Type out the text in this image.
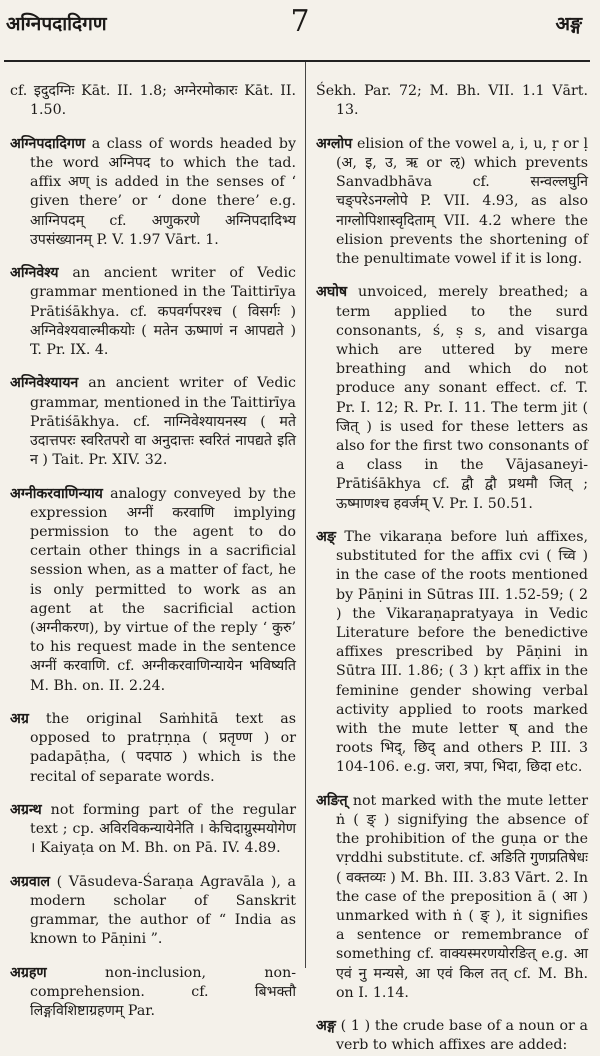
अग्निपदादिगण	7	अङ्ग

cf. इदुदग्निः Kāt. II. 1.8; अग्नेरमोकारः Kāt. II. 1.50.

अग्निपदादिगण a class of words headed by the word अग्निपद to which the tad. affix अण् is added in the senses of ‘ given there’ or ‘ done there’ e.g. आग्निपदम् cf. अणुकरणे अग्निपदादिभ्य उपसंख्यानम् P. V. 1.97 Vārt. 1.

अग्निवेश्य an ancient writer of Vedic grammar mentioned in the Taittirīya Prātiśākhya. cf. कपवर्गपरश्च ( विसर्गः ) अग्निवेश्यवाल्मीकयोः ( मतेन ऊष्माणं न आपद्यते ) T. Pr. IX. 4.

अग्निवेश्यायन an ancient writer of Vedic grammar, mentioned in the Taittirīya Prātiśākhya. cf. नाग्निवेश्यायनस्य ( मते उदात्तपरः स्वरितपरो वा अनुदात्तः स्वरितं नापद्यते इति न ) Tait. Pr. XIV. 32.

अग्नीकरवाणिन्याय analogy conveyed by the expression अग्नीं करवाणि implying permission to the agent to do certain other things in a sacrificial session when, as a matter of fact, he is only permitted to work as an agent at the sacrificial action (अग्नीकरण), by virtue of the reply ‘ कुरु’ to his request made in the sentence अग्नीं करवाणि. cf. अग्नीकरवाणिन्यायेन भविष्यति M. Bh. on. II. 2.24.

अग्र the original Saṁhitā text as opposed to pratṛṇṇa ( प्रतृण्ण ) or padapāṭha, ( पदपाठ ) which is the recital of separate words.

अग्रन्थ not forming part of the regular text ; cp. अविरविकन्यायेनेति । केचिदाग्रुस्मयोगेण । Kaiyaṭa on M. Bh. on Pā. IV. 4.89.

अग्रवाल ( Vāsudeva-Śaraṇa Agravāla ), a modern scholar of Sanskrit grammar, the author of “ India as known to Pāṇini ”.

अग्रहण non-inclusion, non-comprehension. cf. बिभक्तौ लिङ्गविशिष्टाग्रहणम् Par.

Śekh. Par. 72; M. Bh. VII. 1.1 Vārt. 13.

अग्लोप elision of the vowel a, i, u, ṛ or ḷ (अ, इ, उ, ऋ or ऌ) which prevents Sanvadbhāva cf. सन्वल्लघुनि चङ्परेऽनग्लोपे P. VII. 4.93, as also नाग्लोपिशास्वृदिताम् VII. 4.2 where the elision prevents the shortening of the penultimate vowel if it is long.

अघोष unvoiced, merely breathed; a term applied to the surd consonants, ś, ṣ s, and visarga which are uttered by mere breathing and which do not produce any sonant effect. cf. T. Pr. I. 12; R. Pr. I. 11. The term jit ( जित् ) is used for these letters as also for the first two consonants of a class in the Vājasaneyi-Prātiśākhya cf. द्वौ द्वौ प्रथमौ जित् ; ऊष्माणश्च हवर्जम् V. Pr. I. 50.51.

अङ् The vikaraṇa before luṅ affixes, substituted for the affix cvi ( च्वि ) in the case of the roots mentioned by Pāṇini in Sūtras III. 1.52-59; ( 2 ) the Vikaraṇapratyaya in Vedic Literature before the benedictive affixes prescribed by Pāṇini in Sūtra III. 1.86; ( 3 ) kṛt affix in the feminine gender showing verbal activity applied to roots marked with the mute letter ष् and the roots भिद्, छिद् and others P. III. 3 104-106. e.g. जरा, त्रपा, भिदा, छिदा etc.

अङित् not marked with the mute letter ṅ ( ङ् ) signifying the absence of the prohibition of the guṇa or the vṛddhi substitute. cf. अङिति गुणप्रतिषेधः ( वक्तव्यः ) M. Bh. III. 3.83 Vārt. 2. In the case of the preposition ā ( आ ) unmarked with ṅ ( ङ् ), it signifies a sentence or remembrance of something cf. वाक्यस्मरणयोरङित् e.g. आ एवं नु मन्यसे, आ एवं किल तत् cf. M. Bh. on I. 1.14.

अङ्ग ( 1 ) the crude base of a noun or a verb to which affixes are added:
